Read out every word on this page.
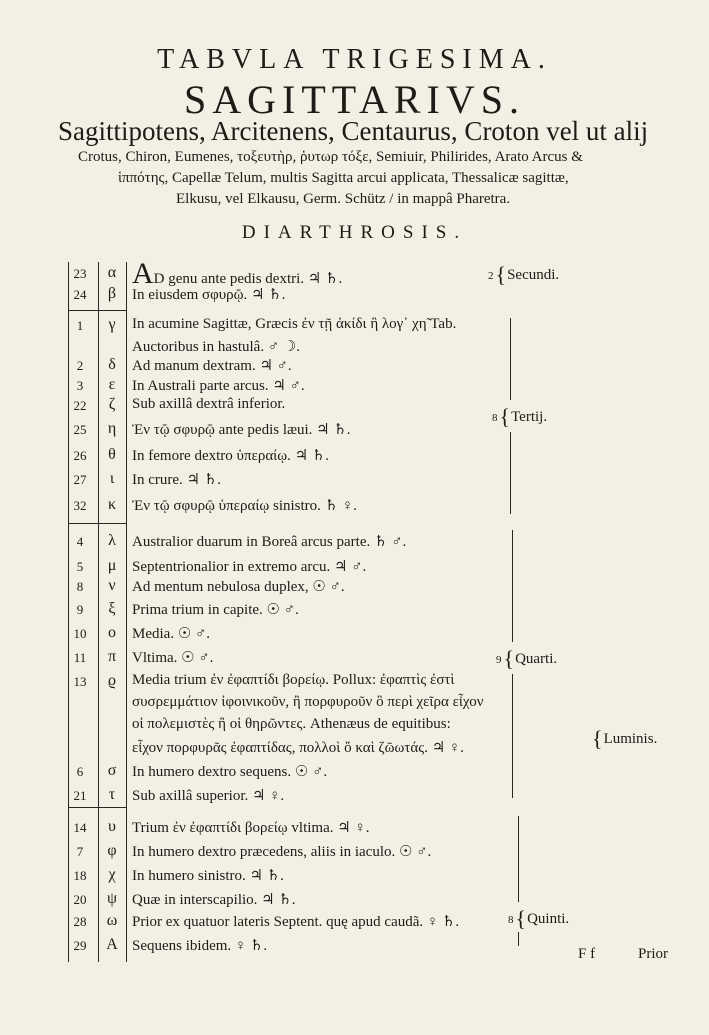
TABVLA TRIGESIMA.
SAGITTARIVS.
Sagittipotens, Arcitenens, Centaurus, Croton vel ut alij
Crotus, Chiron, Eumenes, τοξευτὴρ, ῥυτωρ τόξε, Semiuir, Philirides, Arato Arcus &
ἱππότης, Capellæ Telum, multis Sagitta arcui applicata, Thessalicæ sagittæ,
Elkusu, vel Elkausu, Germ. Schütz / in mappâ Pharetra.
DIARTHROSIS.
23	α AD genu ante pedis dextri. ♃ ♄.
24	β	In eiusdem σφυρῷ. ♃ ♄.
1	γ	In acumine Sagittæ, Græcis ἐν τῇ ἀκίδι ἣ λογ᾽ χη̃ Tab.
Auctoribus in hastulâ. ♂ ☽.
2	δ	Ad manum dextram. ♃ ♂.
3	ε	In Australi parte arcus. ♃ ♂.
22	ζ	Sub axillâ dextrâ inferior.
25	η	Ἐν τῷ σφυρῷ ante pedis læui. ♃ ♄.
26	θ	In femore dextro ὑπεραίῳ. ♃ ♄.
27	ι	In crure. ♃ ♄.
32	κ	Ἐν τῷ σφυρῷ ὑπεραίῳ sinistro. ♄ ♀.
4	λ	Australior duarum in Boreâ arcus parte. ♄ ♂.
5	μ	Septentrionalior in extremo arcu. ♃ ♂.
8	ν	Ad mentum nebulosa duplex, ☉ ♂.
9	ξ	Prima trium in capite. ☉ ♂.
10	ο	Media. ☉ ♂.
11	π	Vltima. ☉ ♂.
13	ϱ	Media trium ἐν ἐφαπτίδι βορείῳ. Pollux: ἐφαπτὶς ἐστὶ
συσρεμμάτιον ἰφοινικοῦν, ἢ πορφυροῦν ὃ περὶ χεῖρα εἶχον
οἱ πολεμιστὲς ἢ οἱ θηρῶντες. Athenæus de equitibus:
εἶχον πορφυρᾶς ἐφαπτίδας, πολλοὶ ὅ καὶ ζῶωτάς. ♃ ♀.
6	σ	In humero dextro sequens. ☉ ♂.
21	τ	Sub axillâ superior. ♃ ♀.
14	υ	Trium ἐν ἐφαπτίδι βορείῳ vltima. ♃ ♀.
7	φ	In humero dextro præcedens, aliis in iaculo. ☉ ♂.
18	χ	In humero sinistro. ♃ ♄.
20	ψ	Quæ in interscapilio. ♃ ♄.
28	ω Prior ex quatuor lateris Septent. quę apud caudã. ♀ ♄.
29	A Sequens ibidem. ♀ ♄.
2{Secundi.
8{Tertij.
9{Quarti.
{Luminis.
8{Quinti.
F f	Prior
